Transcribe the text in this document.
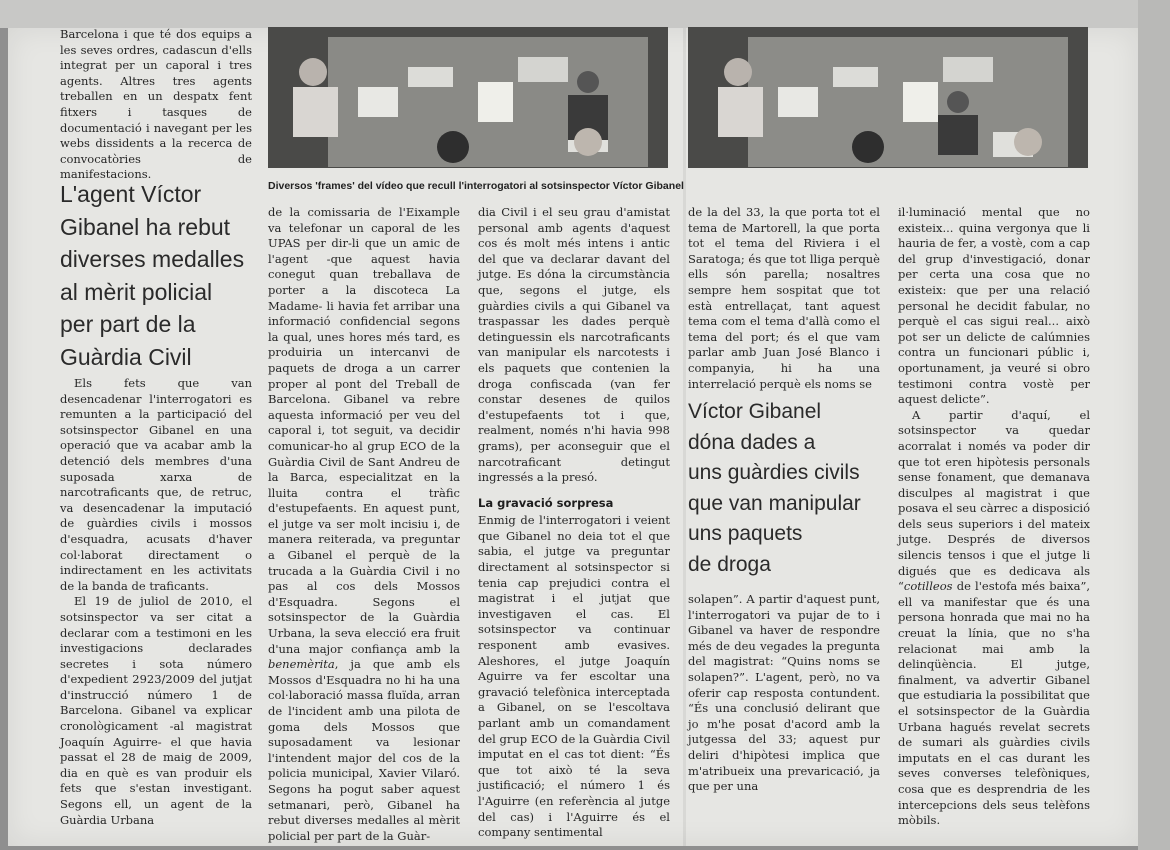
Barcelona i que té dos equips a les seves ordres, cadascun d'ells integrat per un caporal i tres agents. Altres tres agents treballen en un despatx fent fitxers i tasques de documentació i navegant per les webs dissidents a la recerca de convocatòries de manifestacions.

L'agent Víctor
Gibanel ha rebut
diverses medalles
al mèrit policial
per part de la
Guàrdia Civil
Diversos 'frames' del vídeo que recull l'interrogatori al sotsinspector Víctor Gibanel

Els fets que van desencadenar l'interrogatori es remunten a la participació del sotsinspector Gibanel en una operació que va acabar amb la detenció dels membres d'una suposada xarxa de narcotraficants que, de retruc, va desencadenar la imputació de guàrdies civils i mossos d'esquadra, acusats d'haver col·laborat directament o indirectament en les activitats de la banda de traficants.

El 19 de juliol de 2010, el sotsinspector va ser citat a declarar com a testimoni en les investigacions declarades secretes i sota número d'expedient 2923/2009 del jutjat d'instrucció número 1 de Barcelona. Gibanel va explicar cronològicament -al magistrat Joaquín Aguirre- el que havia passat el 28 de maig de 2009, dia en què es van produir els fets que s'estan investigant. Segons ell, un agent de la Guàrdia Urbana

de la comissaria de l'Eixample va telefonar un caporal de les UPAS per dir-li que un amic de l'agent -que aquest havia conegut quan treballava de porter a la discoteca La Madame- li havia fet arribar una informació confidencial segons la qual, unes hores més tard, es produiria un intercanvi de paquets de droga a un carrer proper al pont del Treball de Barcelona. Gibanel va rebre aquesta informació per veu del caporal i, tot seguit, va decidir comunicar-ho al grup ECO de la Guàrdia Civil de Sant Andreu de la Barca, especialitzat en la lluita contra el tràfic d'estupefaents. En aquest punt, el jutge va ser molt incisiu i, de manera reiterada, va preguntar a Gibanel el perquè de la trucada a la Guàrdia Civil i no pas al cos dels Mossos d'Esquadra. Segons el sotsinspector de la Guàrdia Urbana, la seva elecció era fruit d'una major confiança amb la benemèrita, ja que amb els Mossos d'Esquadra no hi ha una col·laboració massa fluïda, arran de l'incident amb una pilota de goma dels Mossos que suposadament va lesionar l'intendent major del cos de la policia municipal, Xavier Vilaró. Segons ha pogut saber aquest setmanari, però, Gibanel ha rebut diverses medalles al mèrit policial per part de la Guàr-

dia Civil i el seu grau d'amistat personal amb agents d'aquest cos és molt més intens i antic del que va declarar davant del jutge. Es dóna la circumstància que, segons el jutge, els guàrdies civils a qui Gibanel va traspassar les dades perquè detinguessin els narcotraficants van manipular els narcotests i els paquets que contenien la droga confiscada (van fer constar desenes de quilos d'estupefaents tot i que, realment, només n'hi havia 998 grams), per aconseguir que el narcotraficant detingut ingressés a la presó.

La gravació sorpresa

Enmig de l'interrogatori i veient que Gibanel no deia tot el que sabia, el jutge va preguntar directament al sotsinspector si tenia cap prejudici contra el magistrat i el jutjat que investigaven el cas. El sotsinspector va continuar responent amb evasives. Aleshores, el jutge Joaquín Aguirre va fer escoltar una gravació telefònica interceptada a Gibanel, on se l'escoltava parlant amb un comandament del grup ECO de la Guàrdia Civil imputat en el cas tot dient: “És que tot això té la seva justificació; el número 1 és l'Aguirre (en referència al jutge del cas) i l'Aguirre és el company sentimental

de la del 33, la que porta tot el tema de Martorell, la que porta tot el tema del Riviera i el Saratoga; és que tot lliga perquè ells són parella; nosaltres sempre hem sospitat que tot està entrellaçat, tant aquest tema com el tema d'allà como el tema del port; és el que vam parlar amb Juan José Blanco i companyia, hi ha una interrelació perquè els noms se

Víctor Gibanel
dóna dades a
uns guàrdies civils
que van manipular
uns paquets
de droga

solapen”. A partir d'aquest punt, l'interrogatori va pujar de to i Gibanel va haver de respondre més de deu vegades la pregunta del magistrat: “Quins noms se solapen?”. L'agent, però, no va oferir cap resposta contundent. “És una conclusió delirant que jo m'he posat d'acord amb la jutgessa del 33; aquest pur deliri d'hipòtesi implica que m'atribueix una prevaricació, ja que per una

il·luminació mental que no existeix... quina vergonya que li hauria de fer, a vostè, com a cap del grup d'investigació, donar per certa una cosa que no existeix: que per una relació personal he decidit fabular, no perquè el cas sigui real... això pot ser un delicte de calúmnies contra un funcionari públic i, oportunament, ja veuré si obro testimoni contra vostè per aquest delicte”.

A partir d'aquí, el sotsinspector va quedar acorralat i només va poder dir que tot eren hipòtesis personals sense fonament, que demanava disculpes al magistrat i que posava el seu càrrec a disposició dels seus superiors i del mateix jutge. Després de diversos silencis tensos i que el jutge li digués que es dedicava als “cotilleos de l'estofa més baixa”, ell va manifestar que és una persona honrada que mai no ha creuat la línia, que no s'ha relacionat mai amb la delinqüència. El jutge, finalment, va advertir Gibanel que estudiaria la possibilitat que el sotsinspector de la Guàrdia Urbana hagués revelat secrets de sumari als guàrdies civils imputats en el cas durant les seves converses telefòniques, cosa que es desprendria de les intercepcions dels seus telèfons mòbils.
